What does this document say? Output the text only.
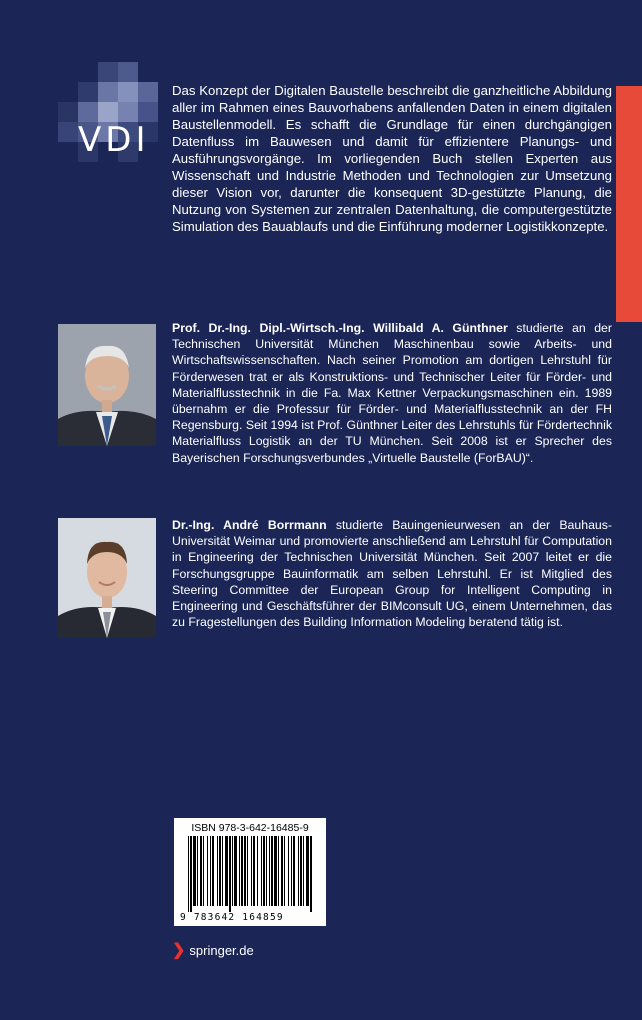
VDI

Das Konzept der Digitalen Baustelle beschreibt die ganzheitliche Abbildung aller im Rahmen eines Bauvorhabens anfallenden Daten in einem digitalen Baustellenmodell. Es schafft die Grundlage für einen durchgängigen Datenfluss im Bauwesen und damit für effizientere Planungs- und Ausführungsvorgänge. Im vorliegenden Buch stellen Experten aus Wissenschaft und Industrie Methoden und Technologien zur Umsetzung dieser Vision vor, darunter die konsequent 3D-gestützte Planung, die Nutzung von Systemen zur zentralen Datenhaltung, die computergestützte Simulation des Bauablaufs und die Einführung moderner Logistikkonzepte.

Prof. Dr.-Ing. Dipl.-Wirtsch.-Ing. Willibald A. Günthner studierte an der Technischen Universität München Maschinenbau sowie Arbeits- und Wirtschaftswissenschaften. Nach seiner Promotion am dortigen Lehrstuhl für Förderwesen trat er als Konstruktions- und Technischer Leiter für Förder- und Materialflusstechnik in die Fa. Max Kettner Verpackungsmaschinen ein. 1989 übernahm er die Professur für Förder- und Materialflusstechnik an der FH Regensburg. Seit 1994 ist Prof. Günthner Leiter des Lehrstuhls für Fördertechnik Materialfluss Logistik an der TU München. Seit 2008 ist er Sprecher des Bayerischen Forschungsverbundes „Virtuelle Baustelle (ForBAU)“.

Dr.-Ing. André Borrmann studierte Bauingenieurwesen an der Bauhaus-Universität Weimar und promovierte anschließend am Lehrstuhl für Computation in Engineering der Technischen Universität München. Seit 2007 leitet er die Forschungsgruppe Bauinformatik am selben Lehrstuhl. Er ist Mitglied des Steering Committee der European Group for Intelligent Computing in Engineering und Geschäftsführer der BIMconsult UG, einem Unternehmen, das zu Fragestellungen des Building Information Modeling beratend tätig ist.

ISBN 978-3-642-16485-9
9 783642 164859
❯ springer.de
